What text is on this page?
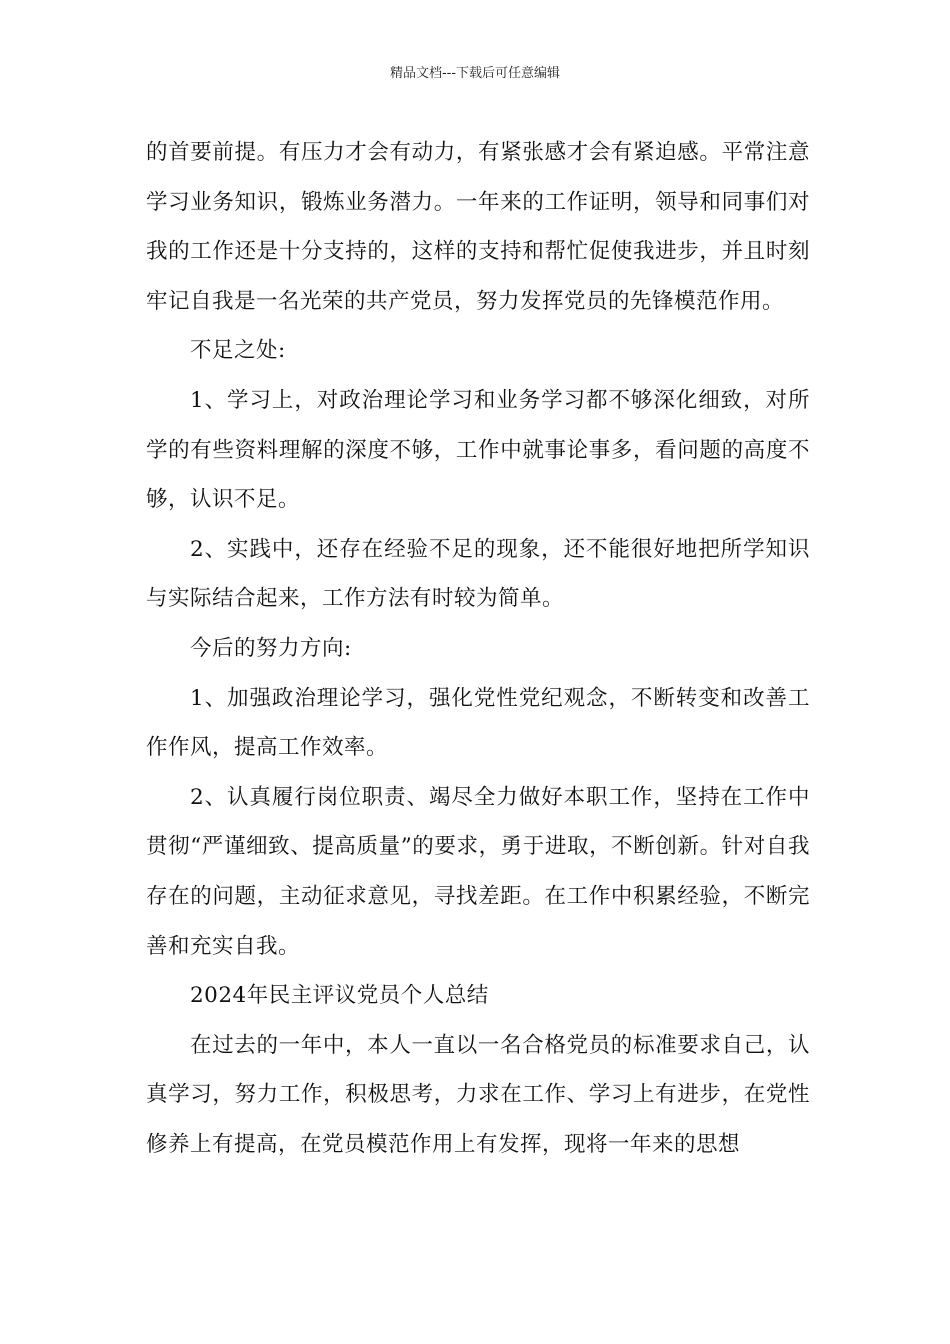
精品文档---下载后可任意编辑

的首要前提。有压力才会有动力，有紧张感才会有紧迫感。平常注意学习业务知识，锻炼业务潜力。一年来的工作证明，领导和同事们对我的工作还是十分支持的，这样的支持和帮忙促使我进步，并且时刻牢记自我是一名光荣的共产党员，努力发挥党员的先锋模范作用。

不足之处:

1、学习上，对政治理论学习和业务学习都不够深化细致，对所学的有些资料理解的深度不够，工作中就事论事多，看问题的高度不够，认识不足。

2、实践中，还存在经验不足的现象，还不能很好地把所学知识与实际结合起来，工作方法有时较为简单。

今后的努力方向:

1、加强政治理论学习，强化党性党纪观念，不断转变和改善工作作风，提高工作效率。

2、认真履行岗位职责、竭尽全力做好本职工作，坚持在工作中贯彻“严谨细致、提高质量”的要求，勇于进取，不断创新。针对自我存在的问题，主动征求意见，寻找差距。在工作中积累经验，不断完善和充实自我。

2024年民主评议党员个人总结

在过去的一年中，本人一直以一名合格党员的标准要求自己，认真学习，努力工作，积极思考，力求在工作、学习上有进步，在党性修养上有提高，在党员模范作用上有发挥，现将一年来的思想
